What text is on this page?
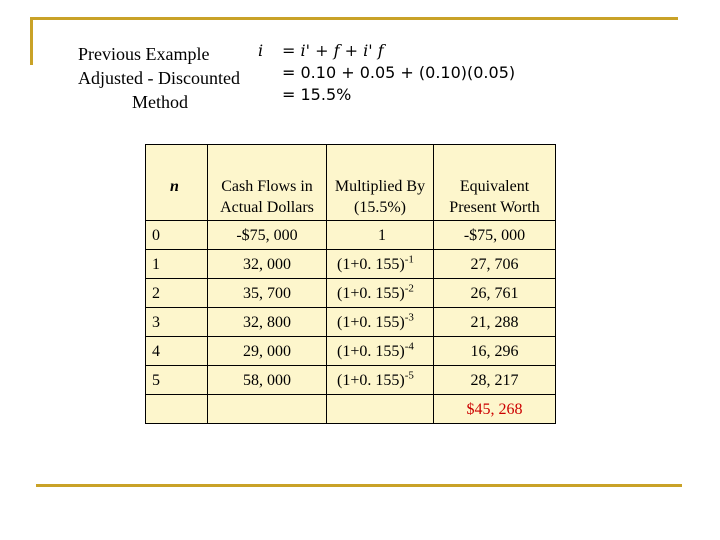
Previous Example
Adjusted - Discounted
Method
i = i' + f + i' f
= 0.10 + 0.05 + (0.10)(0.05)
= 15.5%
n	Cash Flows in Actual Dollars	Multiplied By (15.5%)	Equivalent Present Worth
0	-$75, 000	1	-$75, 000
1	32, 000	(1+0. 155)$^{-1}$	27, 706
2	35, 700	(1+0. 155)$^{-2}$	26, 761
3	32, 800	(1+0. 155)$^{-3}$	21, 288
4	29, 000	(1+0. 155)$^{-4}$	16, 296
5	58, 000	(1+0. 155)$^{-5}$	28, 217
			$45, 268
